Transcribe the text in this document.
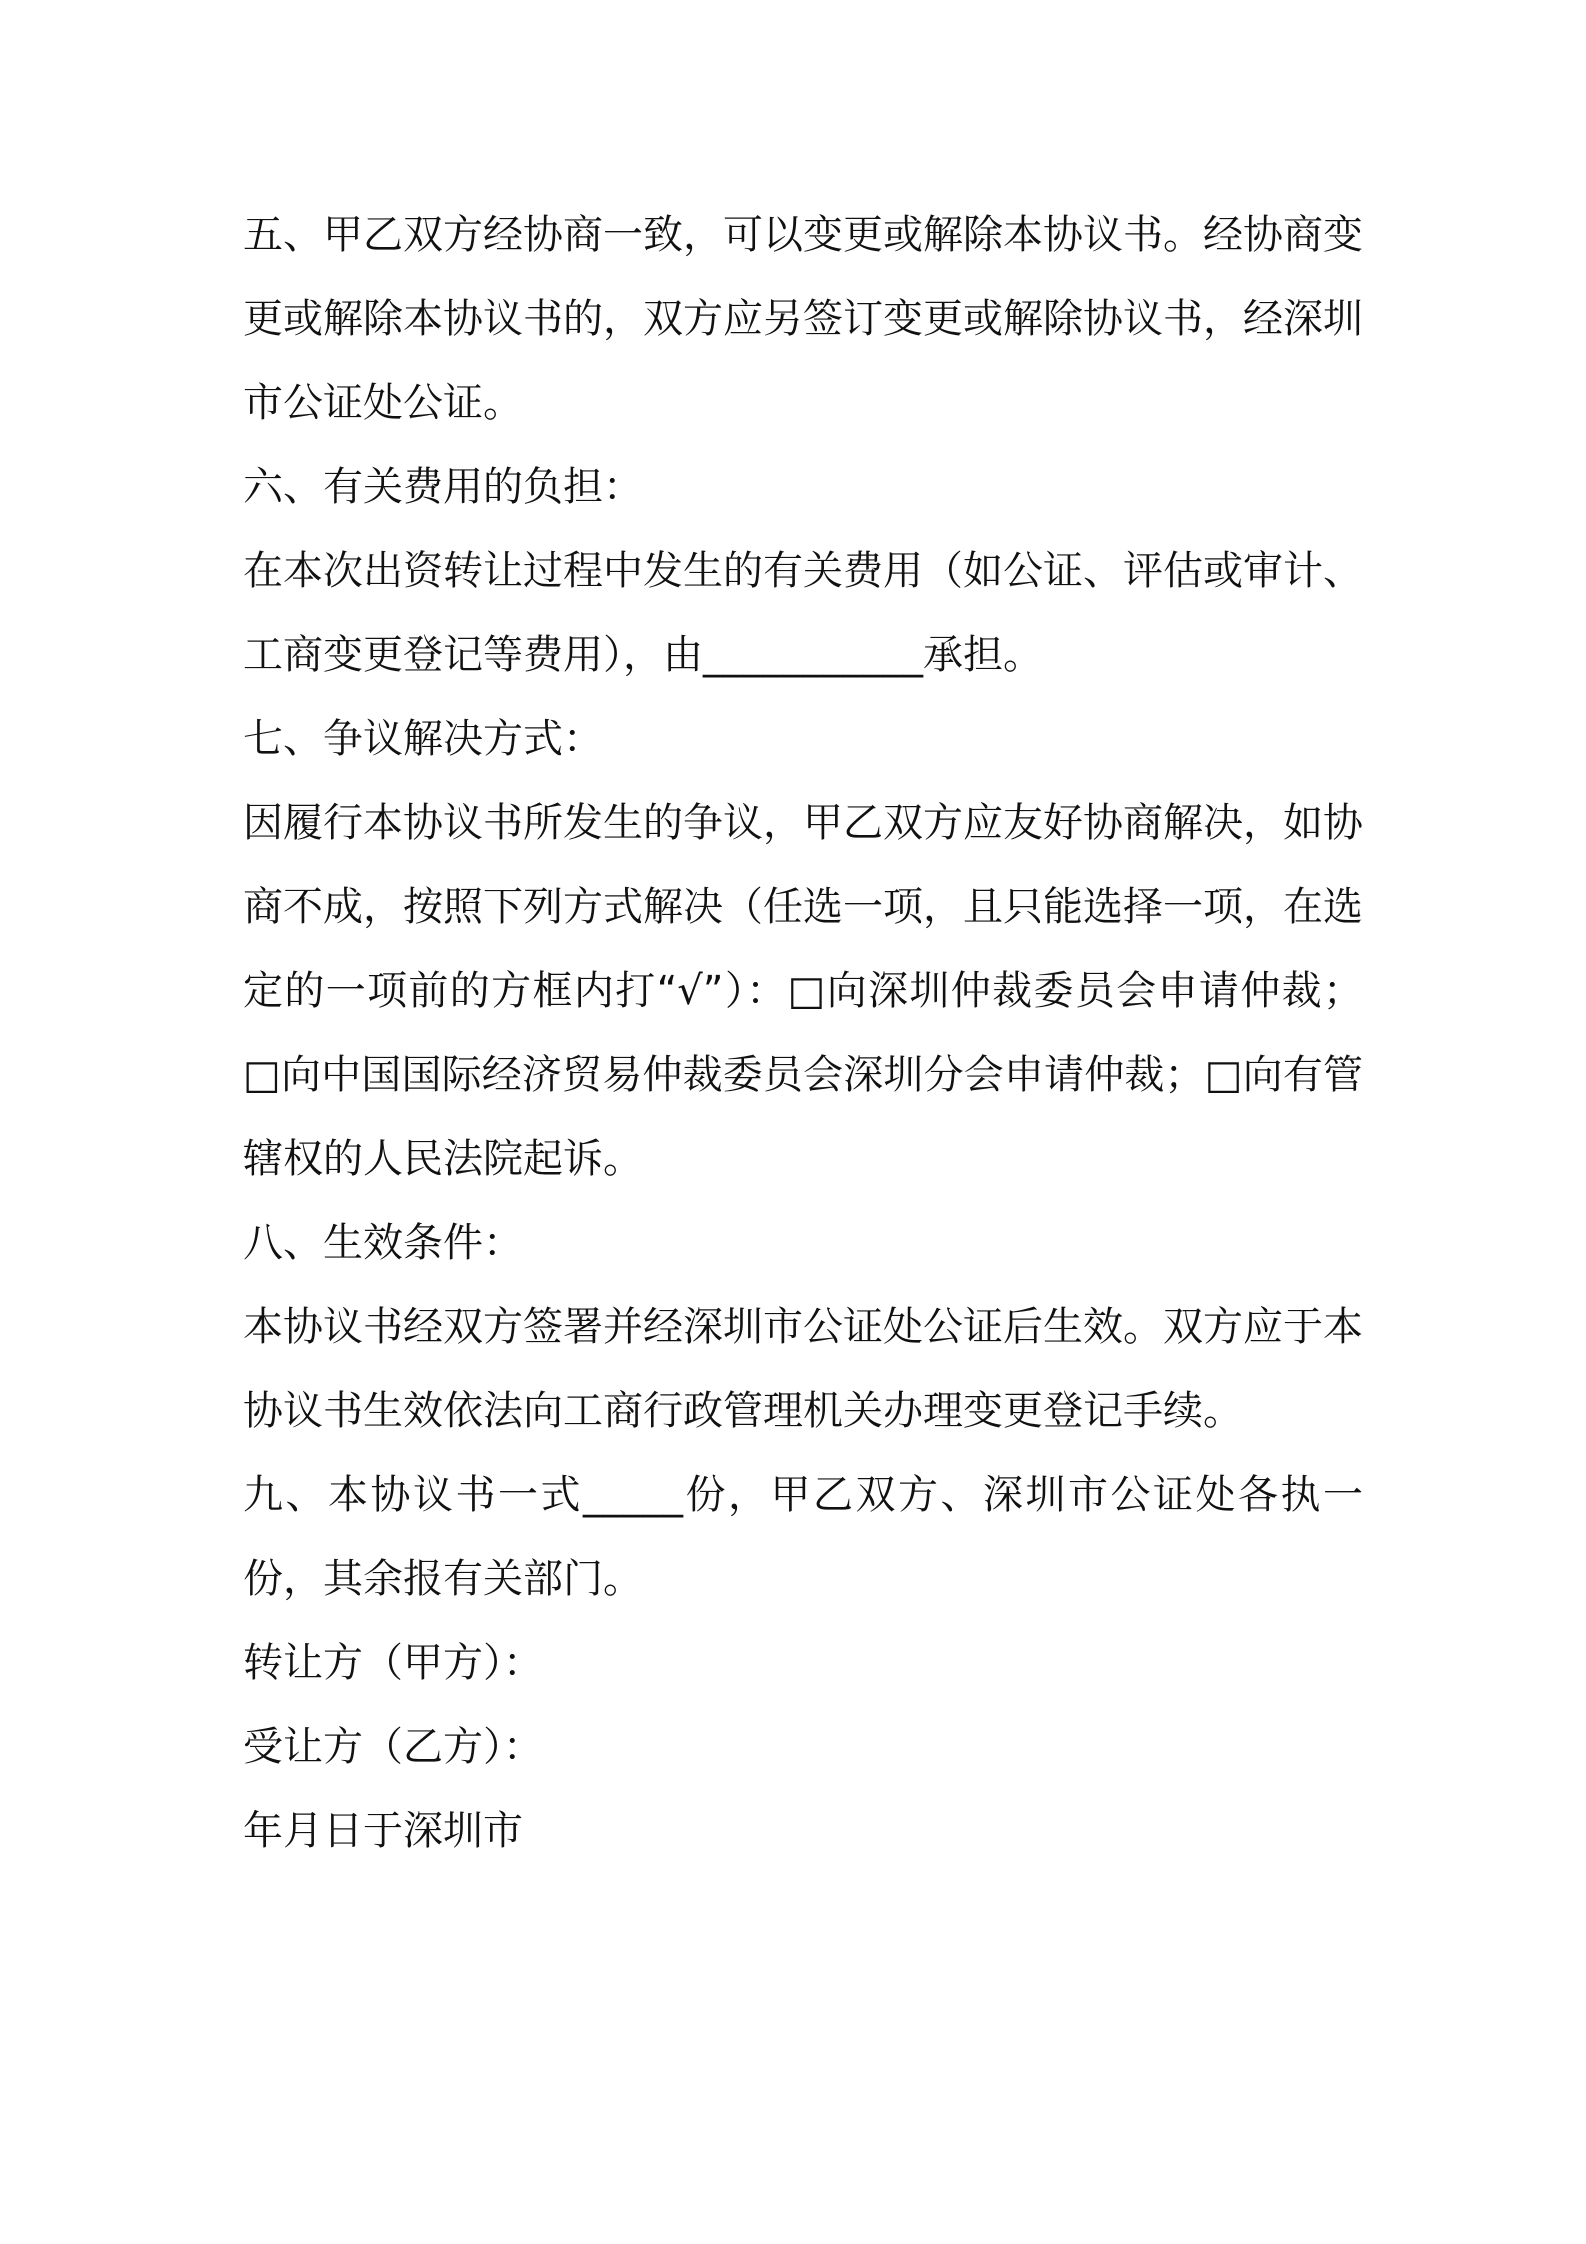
五、甲乙双方经协商一致，可以变更或解除本协议书。经协商变更或解除本协议书的，双方应另签订变更或解除协议书，经深圳市公证处公证。

六、有关费用的负担：

在本次出资转让过程中发生的有关费用（如公证、评估或审计、工商变更登记等费用），由___________承担。

七、争议解决方式：

因履行本协议书所发生的争议，甲乙双方应友好协商解决，如协商不成，按照下列方式解决（任选一项，且只能选择一项，在选定的一项前的方框内打“√”）：□向深圳仲裁委员会申请仲裁；□向中国国际经济贸易仲裁委员会深圳分会申请仲裁；□向有管辖权的人民法院起诉。

八、生效条件：

本协议书经双方签署并经深圳市公证处公证后生效。双方应于本协议书生效依法向工商行政管理机关办理变更登记手续。

九、本协议书一式_____份，甲乙双方、深圳市公证处各执一份，其余报有关部门。

转让方（甲方）：

受让方（乙方）：

年月日于深圳市
